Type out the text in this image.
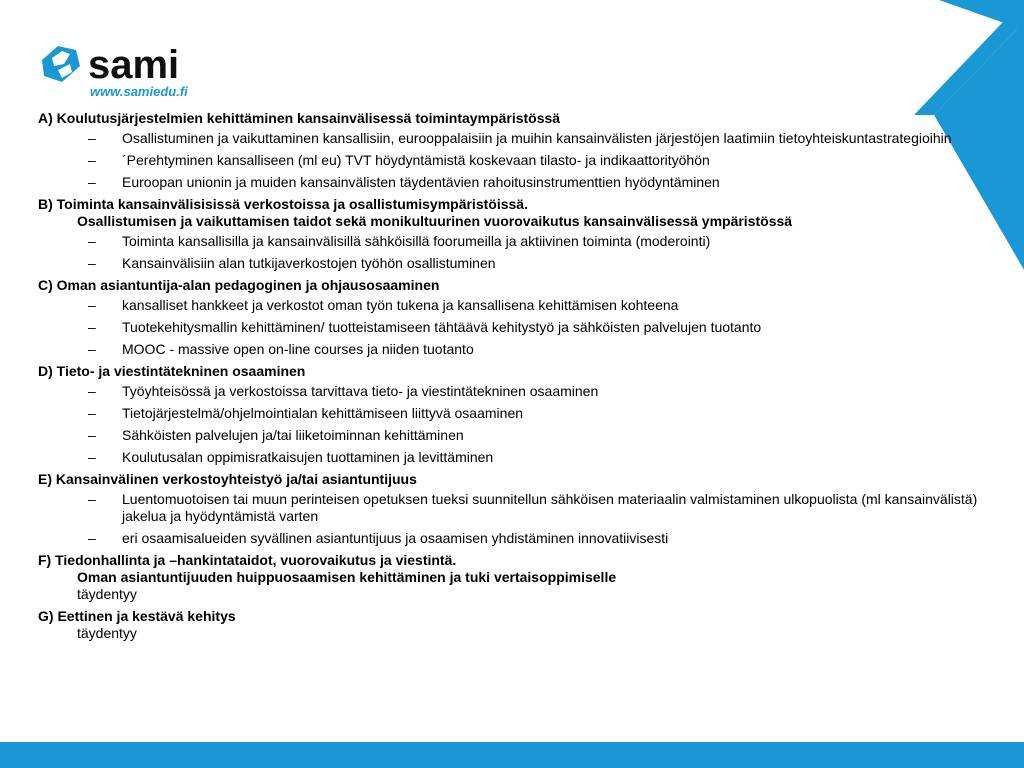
sami
www.samiedu.fi
A) Koulutusjärjestelmien kehittäminen kansainvälisessä toimintaympäristössä
– Osallistuminen ja vaikuttaminen kansallisiin, eurooppalaisiin ja muihin kansainvälisten järjestöjen laatimiin tietoyhteiskuntastrategioihin
– ´Perehtyminen kansalliseen (ml eu) TVT höydyntämistä koskevaan tilasto- ja indikaattorityöhön
– Euroopan unionin ja muiden kansainvälisten täydentävien rahoitusinstrumenttien hyödyntäminen
B) Toiminta kansainvälisisissä verkostoissa ja osallistumisympäristöissä.
Osallistumisen ja vaikuttamisen taidot sekä monikultuurinen vuorovaikutus kansainvälisessä ympäristössä
– Toiminta kansallisilla ja kansainvälisillä sähköisillä foorumeilla ja aktiivinen toiminta (moderointi)
– Kansainvälisiin alan tutkijaverkostojen työhön osallistuminen
C) Oman asiantuntija-alan pedagoginen ja ohjausosaaminen
– kansalliset hankkeet ja verkostot oman työn tukena ja kansallisena kehittämisen kohteena
– Tuotekehitysmallin kehittäminen/ tuotteistamiseen tähtäävä kehitystyö ja sähköisten palvelujen tuotanto
– MOOC - massive open on-line courses ja niiden tuotanto
D) Tieto- ja viestintätekninen osaaminen
– Työyhteisössä ja verkostoissa tarvittava tieto- ja viestintätekninen osaaminen
– Tietojärjestelmä/ohjelmointialan kehittämiseen liittyvä osaaminen
– Sähköisten palvelujen ja/tai liiketoiminnan kehittäminen
– Koulutusalan oppimisratkaisujen tuottaminen ja levittäminen
E) Kansainvälinen verkostoyhteistyö ja/tai asiantuntijuus
– Luentomuotoisen tai muun perinteisen opetuksen tueksi suunnitellun sähköisen materiaalin valmistaminen ulkopuolista (ml kansainvälistä) jakelua ja hyödyntämistä varten
– eri osaamisalueiden syvällinen asiantuntijuus ja osaamisen yhdistäminen innovatiivisesti
F) Tiedonhallinta ja –hankintataidot, vuorovaikutus ja viestintä.
Oman asiantuntijuuden huippuosaamisen kehittäminen ja tuki vertaisoppimiselle
täydentyy
G) Eettinen ja kestävä kehitys
täydentyy
